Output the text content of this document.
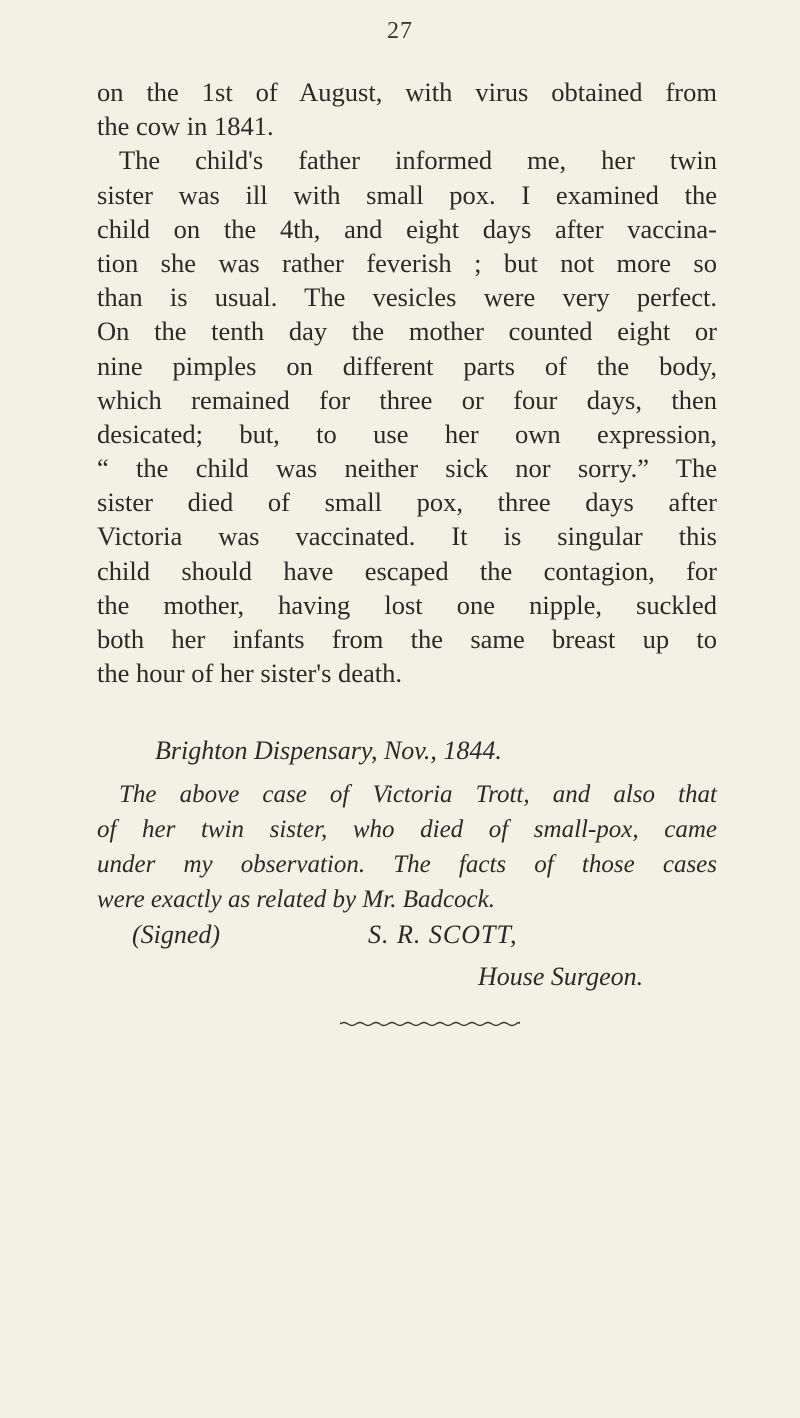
27
on the 1st of August, with virus obtained from
the cow in 1841.
The child's father informed me, her twin
sister was ill with small pox. I examined the
child on the 4th, and eight days after vaccina-
tion she was rather feverish ; but not more so
than is usual. The vesicles were very perfect.
On the tenth day the mother counted eight or
nine pimples on different parts of the body,
which remained for three or four days, then
desicated; but, to use her own expression,
“ the child was neither sick nor sorry.” The
sister died of small pox, three days after
Victoria was vaccinated. It is singular this
child should have escaped the contagion, for
the mother, having lost one nipple, suckled
both her infants from the same breast up to
the hour of her sister's death.
Brighton Dispensary, Nov., 1844.
The above case of Victoria Trott, and also that
of her twin sister, who died of small-pox, came
under my observation. The facts of those cases
were exactly as related by Mr. Badcock.
(Signed)	S. R. SCOTT,
House Surgeon.
